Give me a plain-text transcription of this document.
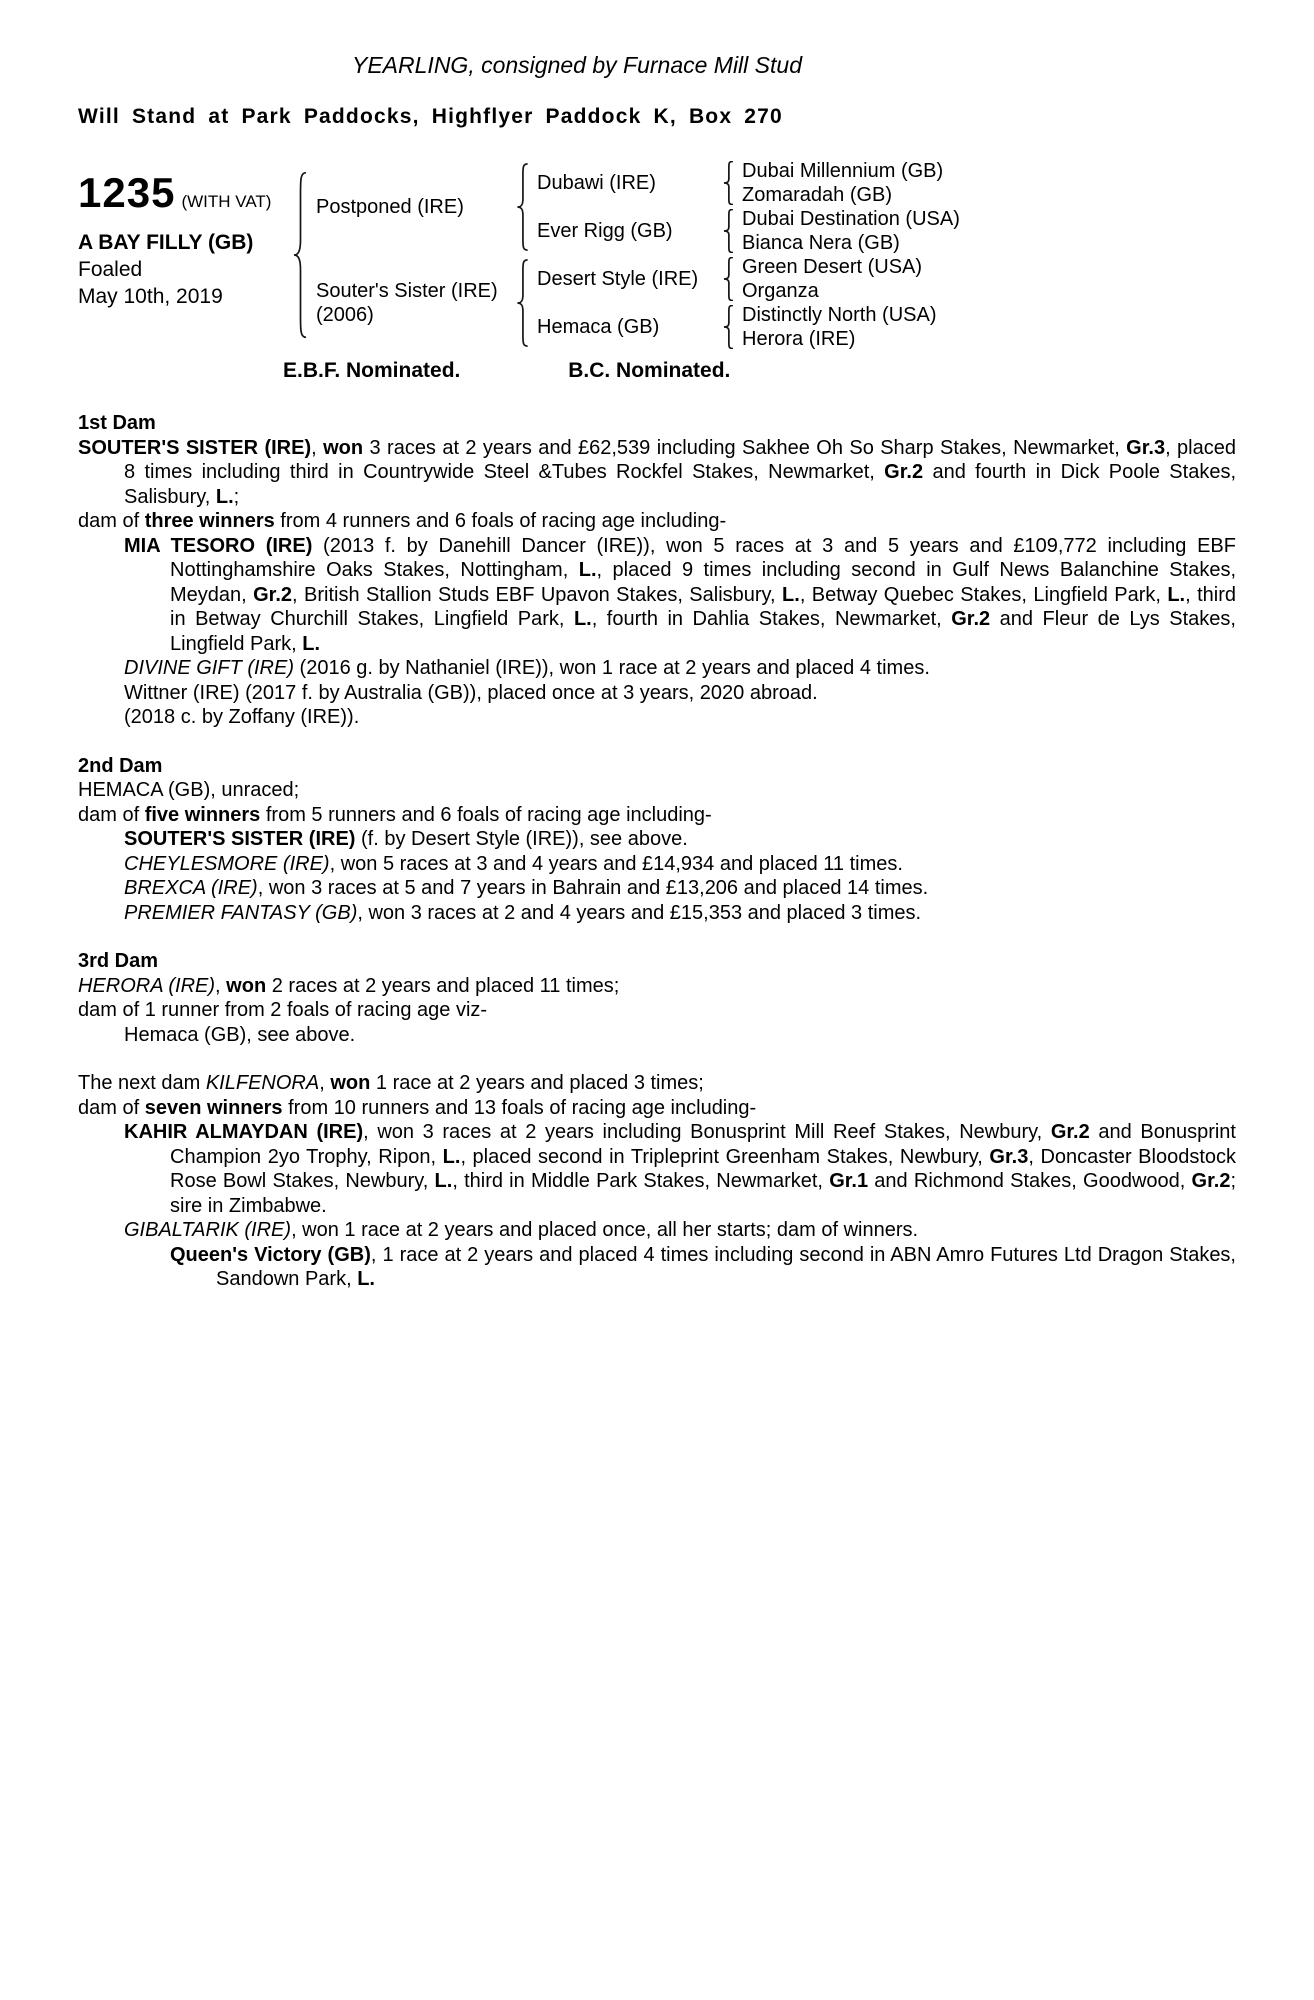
YEARLING, consigned by Furnace Mill Stud
Will Stand at Park Paddocks, Highflyer Paddock K, Box 270
1235 (WITH VAT)
A BAY FILLY (GB)
Foaled
May 10th, 2019
Postponed (IRE)
Dubawi (IRE)
Dubai Millennium (GB)
Zomaradah (GB)
Ever Rigg (GB)
Dubai Destination (USA)
Bianca Nera (GB)
Souter's Sister (IRE)
(2006)
Desert Style (IRE)
Green Desert (USA)
Organza
Hemaca (GB)
Distinctly North (USA)
Herora (IRE)
E.B.F. Nominated.	B.C. Nominated.
1st Dam

SOUTER'S SISTER (IRE), won 3 races at 2 years and £62,539 including Sakhee Oh So Sharp Stakes, Newmarket, Gr.3, placed 8 times including third in Countrywide Steel &Tubes Rockfel Stakes, Newmarket, Gr.2 and fourth in Dick Poole Stakes, Salisbury, L.;

dam of three winners from 4 runners and 6 foals of racing age including-

MIA TESORO (IRE) (2013 f. by Danehill Dancer (IRE)), won 5 races at 3 and 5 years and £109,772 including EBF Nottinghamshire Oaks Stakes, Nottingham, L., placed 9 times including second in Gulf News Balanchine Stakes, Meydan, Gr.2, British Stallion Studs EBF Upavon Stakes, Salisbury, L., Betway Quebec Stakes, Lingfield Park, L., third in Betway Churchill Stakes, Lingfield Park, L., fourth in Dahlia Stakes, Newmarket, Gr.2 and Fleur de Lys Stakes, Lingfield Park, L.

DIVINE GIFT (IRE) (2016 g. by Nathaniel (IRE)), won 1 race at 2 years and placed 4 times.

Wittner (IRE) (2017 f. by Australia (GB)), placed once at 3 years, 2020 abroad.

(2018 c. by Zoffany (IRE)).

2nd Dam

HEMACA (GB), unraced;

dam of five winners from 5 runners and 6 foals of racing age including-

SOUTER'S SISTER (IRE) (f. by Desert Style (IRE)), see above.

CHEYLESMORE (IRE), won 5 races at 3 and 4 years and £14,934 and placed 11 times.

BREXCA (IRE), won 3 races at 5 and 7 years in Bahrain and £13,206 and placed 14 times.

PREMIER FANTASY (GB), won 3 races at 2 and 4 years and £15,353 and placed 3 times.

3rd Dam

HERORA (IRE), won 2 races at 2 years and placed 11 times;

dam of 1 runner from 2 foals of racing age viz-

Hemaca (GB), see above.

The next dam KILFENORA, won 1 race at 2 years and placed 3 times;

dam of seven winners from 10 runners and 13 foals of racing age including-

KAHIR ALMAYDAN (IRE), won 3 races at 2 years including Bonusprint Mill Reef Stakes, Newbury, Gr.2 and Bonusprint Champion 2yo Trophy, Ripon, L., placed second in Tripleprint Greenham Stakes, Newbury, Gr.3, Doncaster Bloodstock Rose Bowl Stakes, Newbury, L., third in Middle Park Stakes, Newmarket, Gr.1 and Richmond Stakes, Goodwood, Gr.2; sire in Zimbabwe.

GIBALTARIK (IRE), won 1 race at 2 years and placed once, all her starts; dam of winners.

Queen's Victory (GB), 1 race at 2 years and placed 4 times including second in ABN Amro Futures Ltd Dragon Stakes, Sandown Park, L.
